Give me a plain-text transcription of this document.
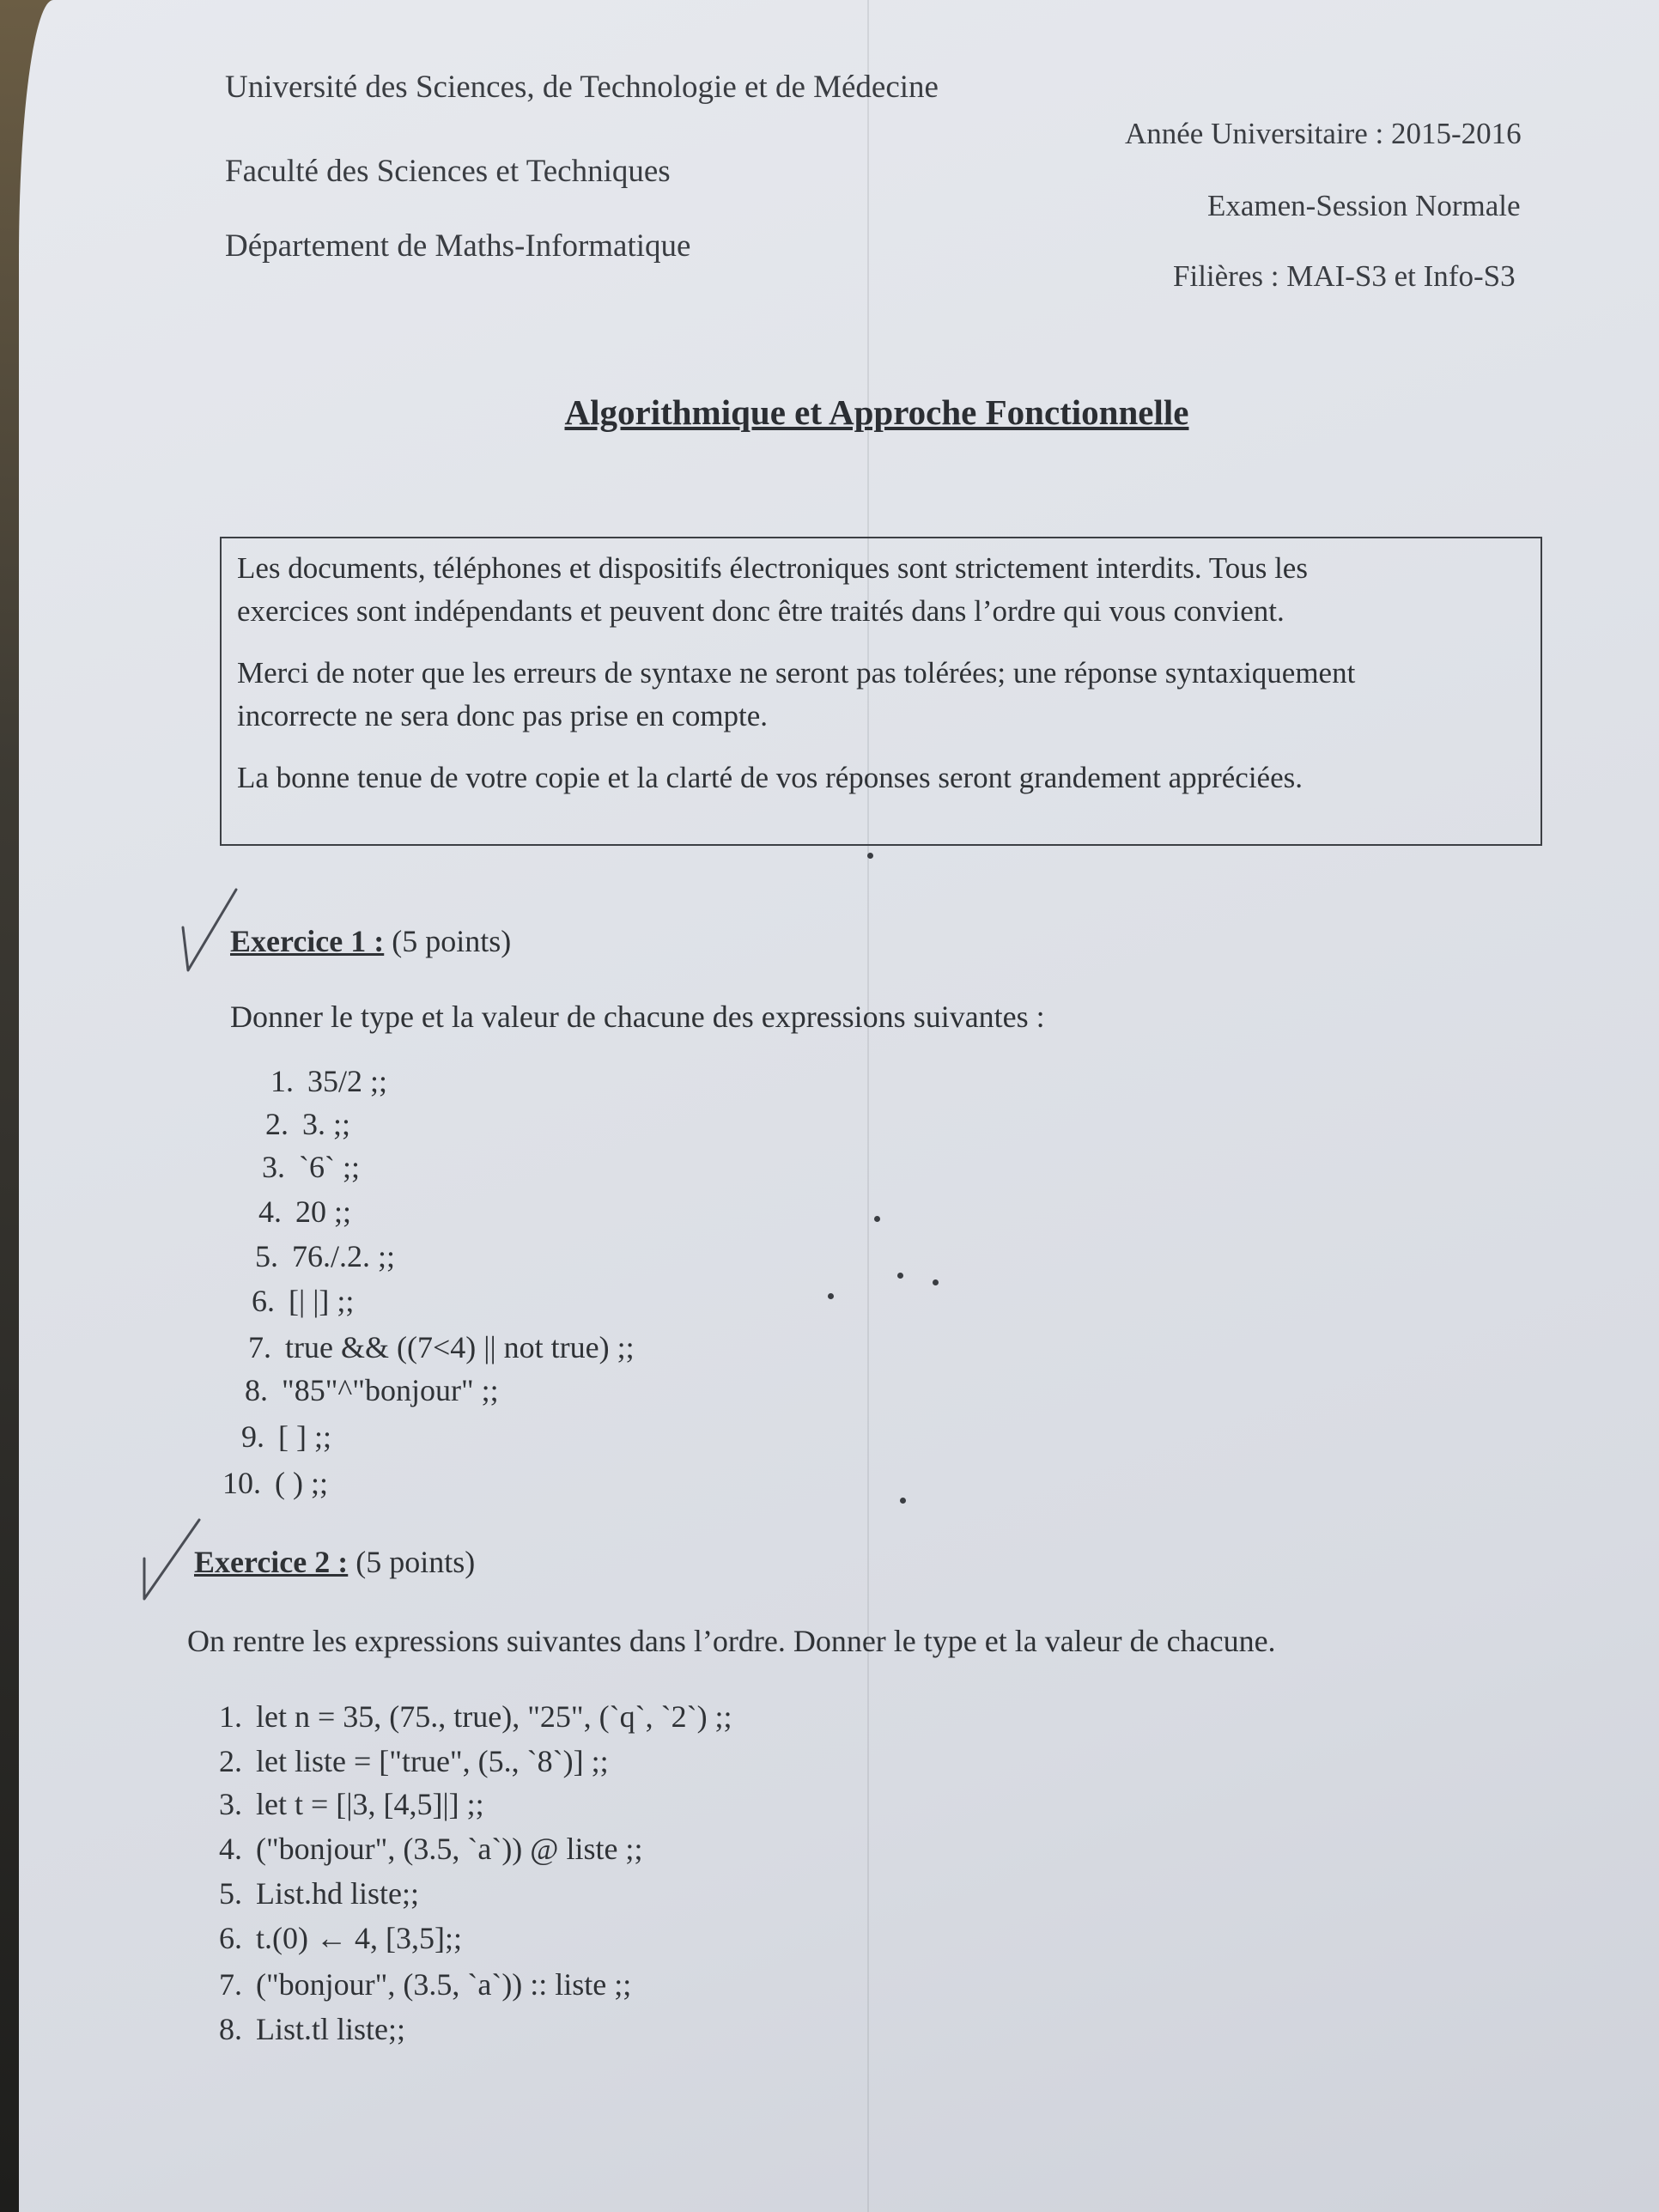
Université des Sciences, de Technologie et de Médecine
Faculté des Sciences et Techniques
Département de Maths-Informatique
Année Universitaire : 2015-2016
Examen-Session Normale
Filières : MAI-S3 et Info-S3
Algorithmique et Approche Fonctionnelle

Les documents, téléphones et dispositifs électroniques sont strictement interdits. Tous les
exercices sont indépendants et peuvent donc être traités dans l’ordre qui vous convient.

Merci de noter que les erreurs de syntaxe ne seront pas tolérées; une réponse syntaxiquement
incorrecte ne sera donc pas prise en compte.

La bonne tenue de votre copie et la clarté de vos réponses seront grandement appréciées.

Exercice 1 : (5 points)
Donner le type et la valeur de chacune des expressions suivantes :
1. 35/2 ;;
2. 3. ;;
3. `6` ;;
4. 20 ;;
5. 76./.2. ;;
6. [| |] ;;
7. true && ((7<4) || not true) ;;
8. "85"^"bonjour" ;;
9. [ ] ;;
10. ( ) ;;
Exercice 2 : (5 points)
On rentre les expressions suivantes dans l’ordre. Donner le type et la valeur de chacune.
1. let n = 35, (75., true), "25", (`q`, `2`) ;;
2. let liste = ["true", (5., `8`)] ;;
3. let t = [|3, [4,5]|] ;;
4. ("bonjour", (3.5, `a`)) @ liste ;;
5. List.hd liste;;
6. t.(0) ← 4, [3,5];;
7. ("bonjour", (3.5, `a`)) :: liste ;;
8. List.tl liste;;
